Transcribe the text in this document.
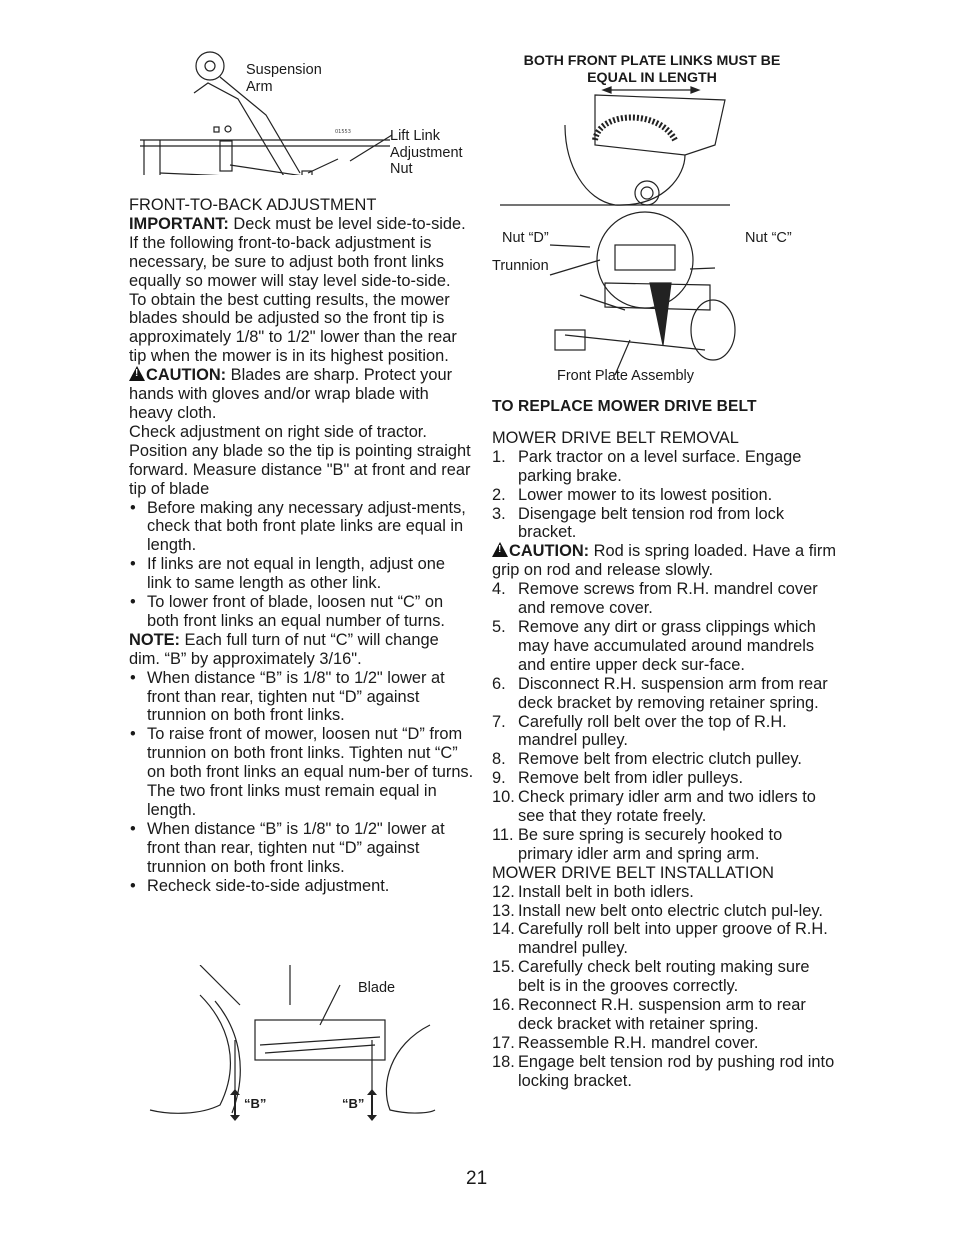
01553
Suspension
Arm
Lift Link
Adjustment
Nut

FRONT-TO-BACK ADJUSTMENT

IMPORTANT: Deck must be level side-to-side. If the following front-to-back adjustment is necessary, be sure to adjust both front links equally so mower will stay level side-to-side.

To obtain the best cutting results, the mower blades should be adjusted so the front tip is approximately 1/8" to 1/2" lower than the rear tip when the mower is in its highest position.

!CAUTION: Blades are sharp. Protect your hands with gloves and/or wrap blade with heavy cloth.

Check adjustment on right side of tractor. Position any blade so the tip is pointing straight forward. Measure distance "B" at front and rear tip of blade

• Before making any necessary adjust-ments, check that both front plate links are equal in length.
• If links are not equal in length, adjust one link to same length as other link.
• To lower front of blade, loosen nut “C” on both front links an equal number of turns.

NOTE: Each full turn of nut “C” will change dim. “B” by approximately 3/16".

• When distance “B” is 1/8" to 1/2" lower at front than rear, tighten nut “D” against trunnion on both front links.
• To raise front of mower, loosen nut “D” from trunnion on both front links. Tighten nut “C” on both front links an equal num-ber of turns. The two front links must remain equal in length.
• When distance “B” is 1/8" to 1/2" lower at front than rear, tighten nut “D” against trunnion on both front links.
• Recheck side-to-side adjustment.
Blade
“B”	“B”
BOTH FRONT PLATE LINKS MUST BE
EQUAL IN LENGTH
Nut “D”	Nut “C”
Trunnion
Front Plate Assembly

TO REPLACE MOWER DRIVE BELT

MOWER DRIVE BELT REMOVAL

1. Park tractor on a level surface. Engage parking brake.
2. Lower mower to its lowest position.
3. Disengage belt tension rod from lock bracket.

!CAUTION: Rod is spring loaded. Have a firm grip on rod and release slowly.

4. Remove screws from R.H. mandrel cover and remove cover.
5. Remove any dirt or grass clippings which may have accumulated around mandrels and entire upper deck sur-face.
6. Disconnect R.H. suspension arm from rear deck bracket by removing retainer spring.
7. Carefully roll belt over the top of R.H. mandrel pulley.
8. Remove belt from electric clutch pulley.
9. Remove belt from idler pulleys.
10. Check primary idler arm and two idlers to see that they rotate freely.
11. Be sure spring is securely hooked to primary idler arm and spring arm.

MOWER DRIVE BELT INSTALLATION

12. Install belt in both idlers.
13. Install new belt onto electric clutch pul-ley.
14. Carefully roll belt into upper groove of R.H. mandrel pulley.
15. Carefully check belt routing making sure belt is in the grooves correctly.
16. Reconnect R.H. suspension arm to rear deck bracket with retainer spring.
17. Reassemble R.H. mandrel cover.
18. Engage belt tension rod by pushing rod into locking bracket.
21
